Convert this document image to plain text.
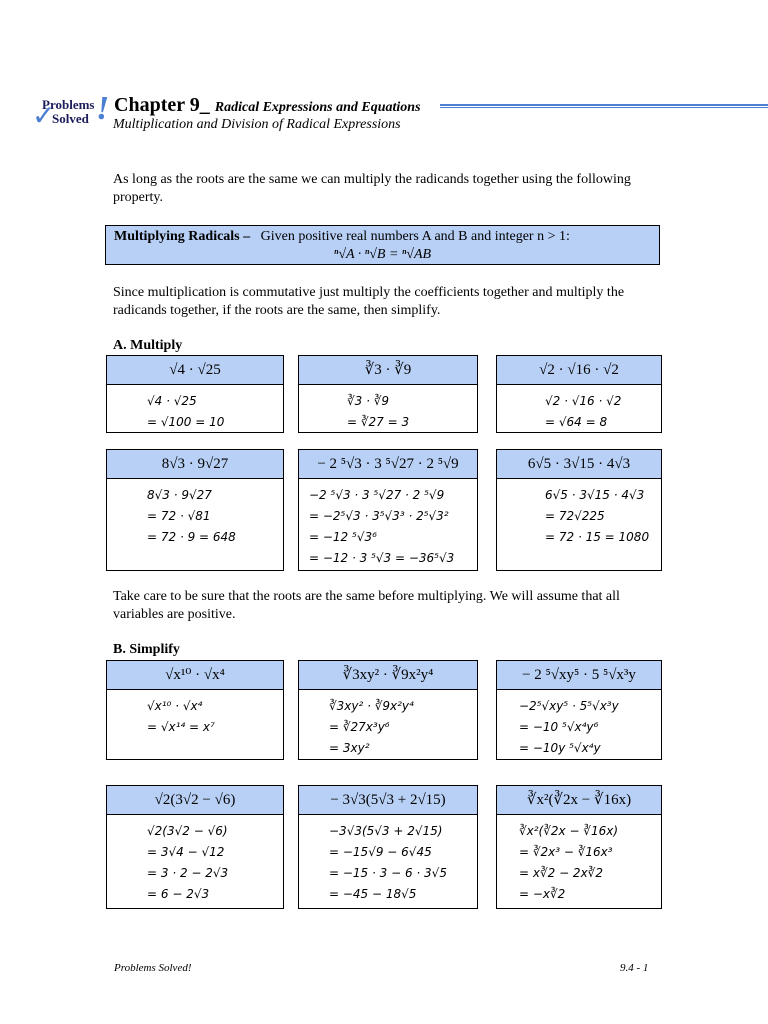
✓
Problems
Solved ! Chapter 9_ Radical Expressions and Equations
Multiplication and Division of Radical Expressions
As long as the roots are the same we can multiply the radicands together using the following property.
Multiplying Radicals – Given positive real numbers A and B and integer n > 1:
ⁿ√A · ⁿ√B = ⁿ√AB
Since multiplication is commutative just multiply the coefficients together and multiply the radicands together, if the roots are the same, then simplify.
A. Multiply
√4 · √25
√4 · √25
= √100 = 10
∛3 · ∛9
∛3 · ∛9
= ∛27 = 3
√2 · √16 · √2
√2 · √16 · √2
= √64 = 8
8√3 · 9√27
8√3 · 9√27
= 72 · √81
= 72 · 9 = 648
− 2 ⁵√3 · 3 ⁵√27 · 2 ⁵√9
−2 ⁵√3 · 3 ⁵√27 · 2 ⁵√9
= −2⁵√3 · 3⁵√3³ · 2⁵√3²
= −12 ⁵√3⁶
= −12 · 3 ⁵√3 = −36⁵√3
6√5 · 3√15 · 4√3
6√5 · 3√15 · 4√3
= 72√225
= 72 · 15 = 1080
Take care to be sure that the roots are the same before multiplying. We will assume that all variables are positive.
B. Simplify
√x¹⁰ · √x⁴
√x¹⁰ · √x⁴
= √x¹⁴ = x⁷
∛3xy² · ∛9x²y⁴
∛3xy² · ∛9x²y⁴
= ∛27x³y⁶
= 3xy²
− 2 ⁵√xy⁵ · 5 ⁵√x³y
−2⁵√xy⁵ · 5⁵√x³y
= −10 ⁵√x⁴y⁶
= −10y ⁵√x⁴y
√2(3√2 − √6)
√2(3√2 − √6)
= 3√4 − √12
= 3 · 2 − 2√3
= 6 − 2√3
− 3√3(5√3 + 2√15)
−3√3(5√3 + 2√15)
= −15√9 − 6√45
= −15 · 3 − 6 · 3√5
= −45 − 18√5
∛x²(∛2x − ∛16x)
∛x²(∛2x − ∛16x)
= ∛2x³ − ∛16x³
= x∛2 − 2x∛2
= −x∛2
Problems Solved!	9.4 - 1
